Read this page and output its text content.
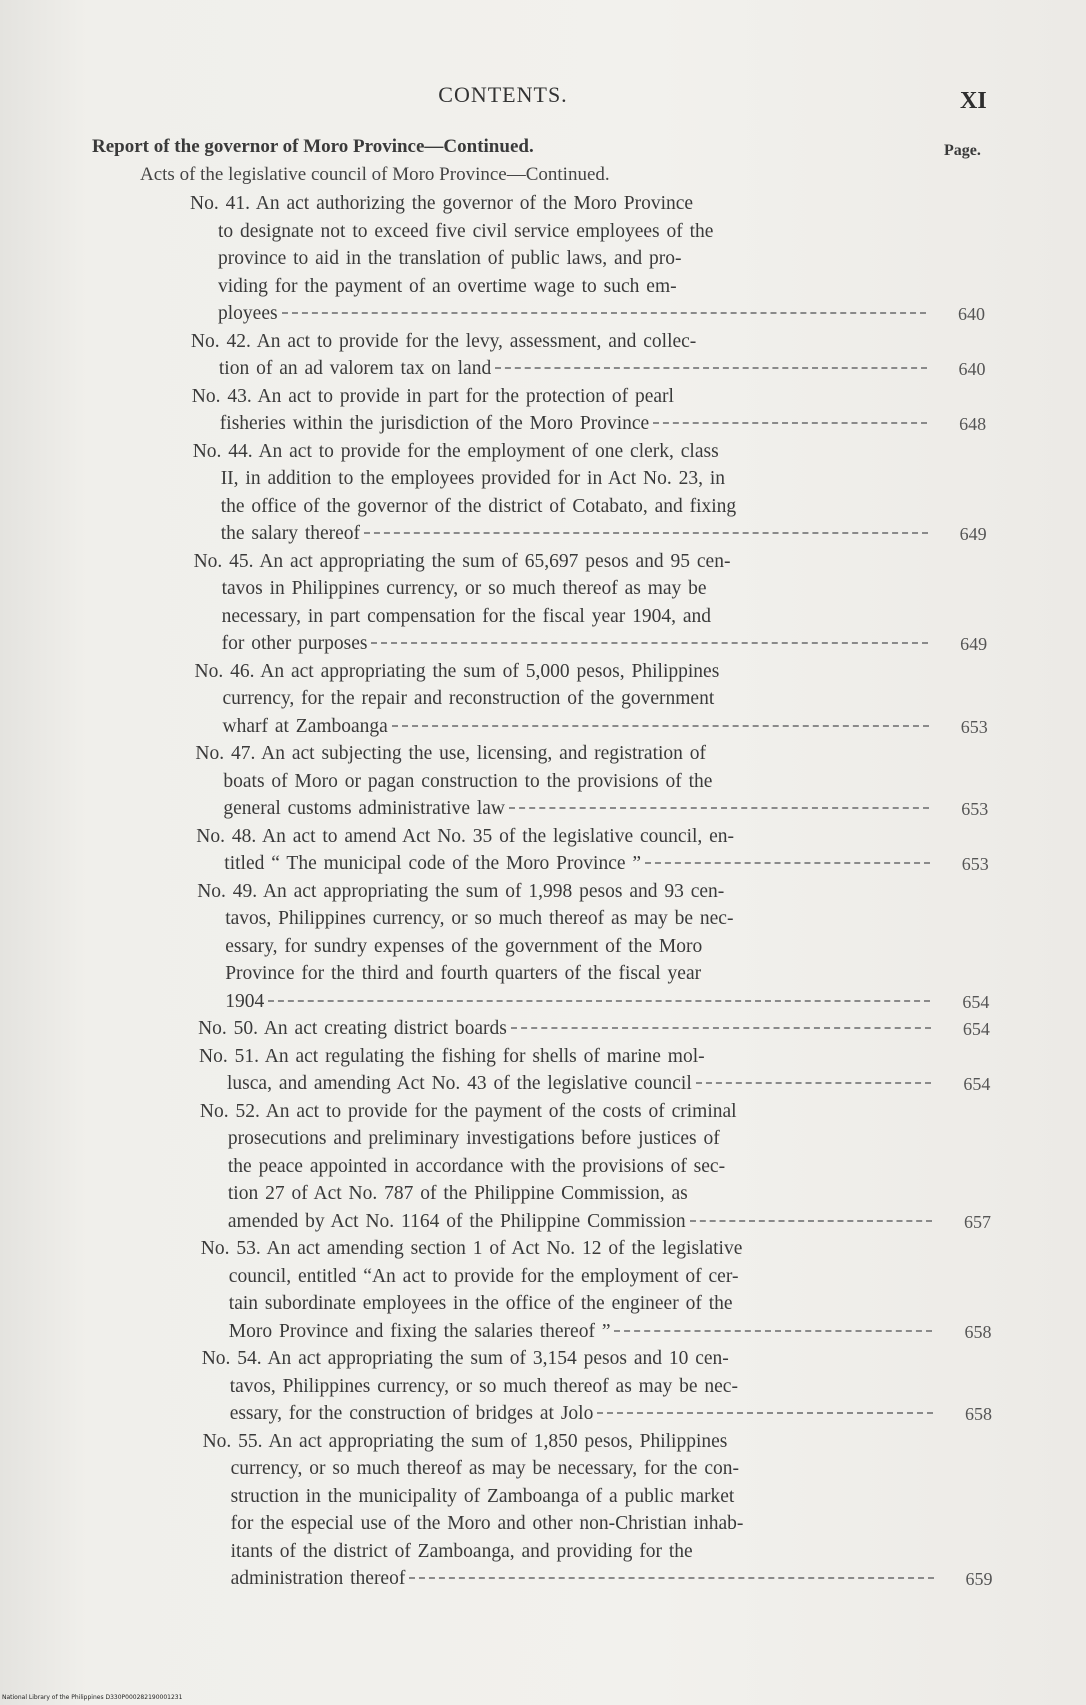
CONTENTS.	XI
Report of the governor of Moro Province—Continued.	Page.
Acts of the legislative council of Moro Province—Continued.
No. 41. An act authorizing the governor of the Moro Province
to designate not to exceed five civil service employees of the
province to aid in the translation of public laws, and pro-
viding for the payment of an overtime wage to such em-
ployees	640
No. 42. An act to provide for the levy, assessment, and collec-
tion of an ad valorem tax on land	640
No. 43. An act to provide in part for the protection of pearl
fisheries within the jurisdiction of the Moro Province	648
No. 44. An act to provide for the employment of one clerk, class
II, in addition to the employees provided for in Act No. 23, in
the office of the governor of the district of Cotabato, and fixing
the salary thereof	649
No. 45. An act appropriating the sum of 65,697 pesos and 95 cen-
tavos in Philippines currency, or so much thereof as may be
necessary, in part compensation for the fiscal year 1904, and
for other purposes	649
No. 46. An act appropriating the sum of 5,000 pesos, Philippines
currency, for the repair and reconstruction of the government
wharf at Zamboanga	653
No. 47. An act subjecting the use, licensing, and registration of
boats of Moro or pagan construction to the provisions of the
general customs administrative law	653
No. 48. An act to amend Act No. 35 of the legislative council, en-
titled “ The municipal code of the Moro Province ”	653
No. 49. An act appropriating the sum of 1,998 pesos and 93 cen-
tavos, Philippines currency, or so much thereof as may be nec-
essary, for sundry expenses of the government of the Moro
Province for the third and fourth quarters of the fiscal year
1904	654
No. 50. An act creating district boards	654
No. 51. An act regulating the fishing for shells of marine mol-
lusca, and amending Act No. 43 of the legislative council	654
No. 52. An act to provide for the payment of the costs of criminal
prosecutions and preliminary investigations before justices of
the peace appointed in accordance with the provisions of sec-
tion 27 of Act No. 787 of the Philippine Commission, as
amended by Act No. 1164 of the Philippine Commission	657
No. 53. An act amending section 1 of Act No. 12 of the legislative
council, entitled “An act to provide for the employment of cer-
tain subordinate employees in the office of the engineer of the
Moro Province and fixing the salaries thereof ”	658
No. 54. An act appropriating the sum of 3,154 pesos and 10 cen-
tavos, Philippines currency, or so much thereof as may be nec-
essary, for the construction of bridges at Jolo	658
No. 55. An act appropriating the sum of 1,850 pesos, Philippines
currency, or so much thereof as may be necessary, for the con-
struction in the municipality of Zamboanga of a public market
for the especial use of the Moro and other non-Christian inhab-
itants of the district of Zamboanga, and providing for the
administration thereof	659
National Library of the Philippines D330P000282190001231
